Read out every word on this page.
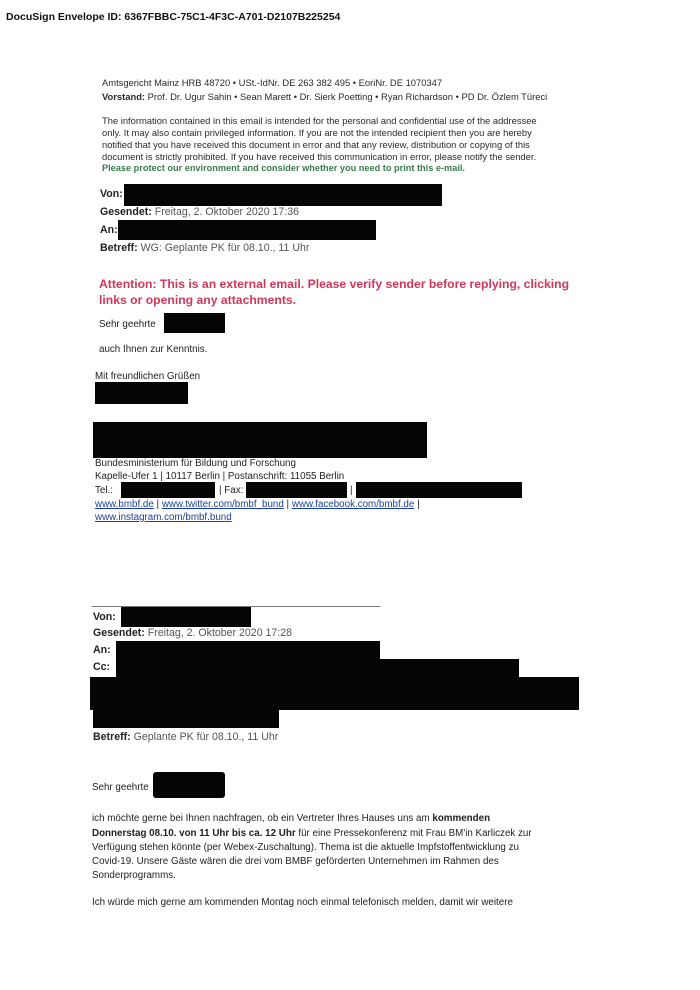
DocuSign Envelope ID: 6367FBBC-75C1-4F3C-A701-D2107B225254
Amtsgericht Mainz HRB 48720 • USt.-IdNr. DE 263 382 495 • EoriNr. DE 1070347
Vorstand: Prof. Dr. Ugur Sahin • Sean Marett • Dr. Sierk Poetting • Ryan Richardson • PD Dr. Özlem Türeci
The information contained in this email is intended for the personal and confidential use of the addressee
only. It may also contain privileged information. If you are not the intended recipient then you are hereby
notified that you have received this document in error and that any review, distribution or copying of this
document is strictly prohibited. If you have received this communication in error, please notify the sender.
Please protect our environment and consider whether you need to print this e-mail.
Von:
Gesendet: Freitag, 2. Oktober 2020 17:36
An:
Betreff: WG: Geplante PK für 08.10., 11 Uhr
Attention: This is an external email. Please verify sender before replying, clicking
links or opening any attachments.
Sehr geehrte
auch Ihnen zur Kenntnis.
Mit freundlichen Grüßen
Bundesministerium für Bildung und Forschung
Kapelle-Ufer 1 | 10117 Berlin | Postanschrift: 11055 Berlin
Tel.:	| Fax:	|
www.bmbf.de | www.twitter.com/bmbf_bund | www.facebook.com/bmbf.de |
www.instagram.com/bmbf.bund
Von:
Gesendet: Freitag, 2. Oktober 2020 17:28
An:
Cc:
Betreff: Geplante PK für 08.10., 11 Uhr
Sehr geehrte
ich möchte gerne bei Ihnen nachfragen, ob ein Vertreter Ihres Hauses uns am kommenden
Donnerstag 08.10. von 11 Uhr bis ca. 12 Uhr für eine Pressekonferenz mit Frau BM'in Karliczek zur
Verfügung stehen könnte (per Webex-Zuschaltung). Thema ist die aktuelle Impfstoffentwicklung zu
Covid-19. Unsere Gäste wären die drei vom BMBF geförderten Unternehmen im Rahmen des
Sonderprogramms.
Ich würde mich gerne am kommenden Montag noch einmal telefonisch melden, damit wir weitere
